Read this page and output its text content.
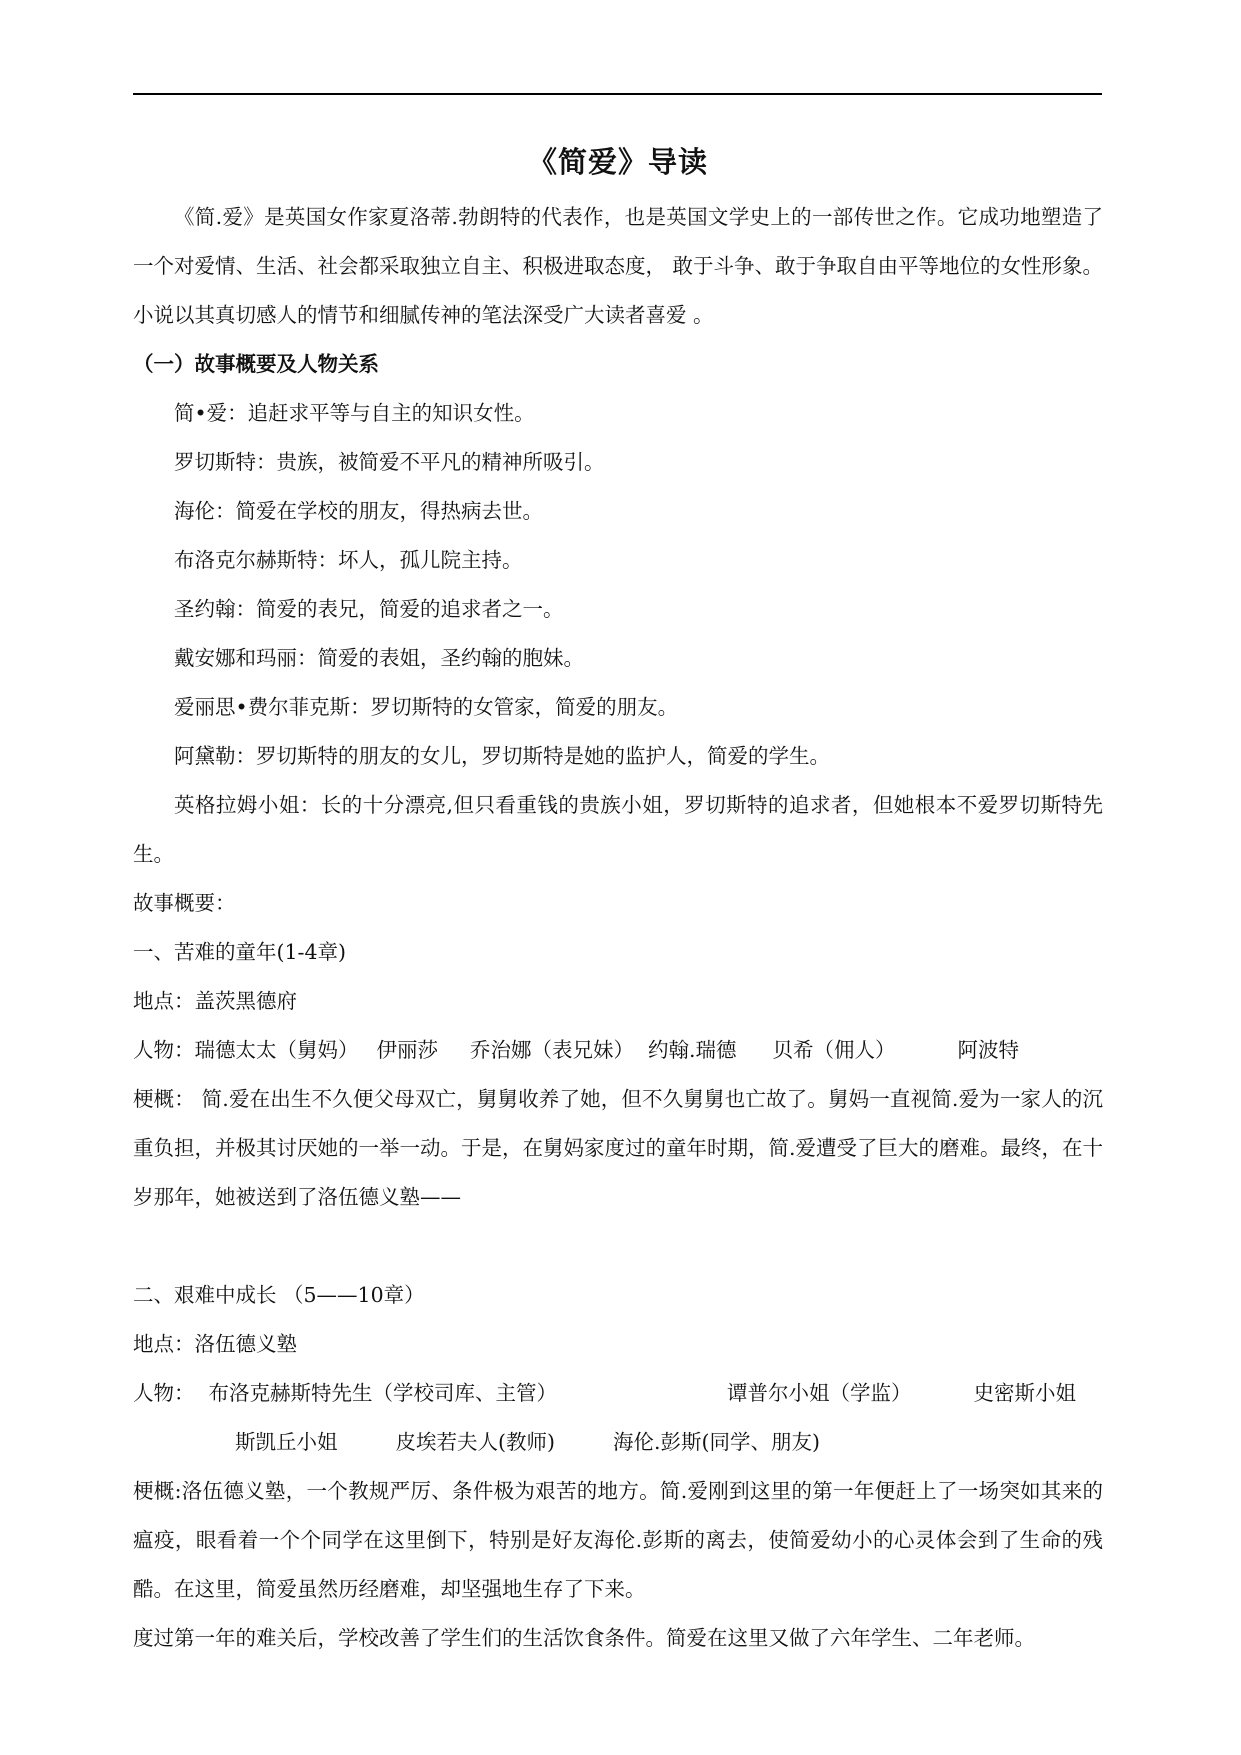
《简爱》导读

《简.爱》是英国女作家夏洛蒂.勃朗特的代表作，也是英国文学史上的一部传世之作。它成功地塑造了一个对爱情、生活、社会都采取独立自主、积极进取态度， 敢于斗争、敢于争取自由平等地位的女性形象。小说以其真切感人的情节和细腻传神的笔法深受广大读者喜爱 。

（一）故事概要及人物关系

简•爱：追赶求平等与自主的知识女性。

罗切斯特：贵族，被简爱不平凡的精神所吸引。

海伦：简爱在学校的朋友，得热病去世。

布洛克尔赫斯特：坏人，孤儿院主持。

圣约翰：简爱的表兄，简爱的追求者之一。

戴安娜和玛丽：简爱的表姐，圣约翰的胞妹。

爱丽思•费尔菲克斯：罗切斯特的女管家，简爱的朋友。

阿黛勒：罗切斯特的朋友的女儿，罗切斯特是她的监护人，简爱的学生。

英格拉姆小姐：长的十分漂亮,但只看重钱的贵族小姐，罗切斯特的追求者，但她根本不爱罗切斯特先生。

故事概要：

一、苦难的童年(1-4章)

地点：盖茨黑德府

人物：瑞德太太（舅妈） 伊丽莎 乔治娜（表兄妹） 约翰.瑞德 贝希（佣人）	阿波特

梗概： 简.爱在出生不久便父母双亡，舅舅收养了她，但不久舅舅也亡故了。舅妈一直视简.爱为一家人的沉重负担，并极其讨厌她的一举一动。于是，在舅妈家度过的童年时期，简.爱遭受了巨大的磨难。最终，在十岁那年，她被送到了洛伍德义塾——

二、艰难中成长 （5——10章）

地点：洛伍德义塾

人物： 布洛克赫斯特先生（学校司库、主管）	谭普尔小姐（学监）	史密斯小姐

斯凯丘小姐	皮埃若夫人(教师)	海伦.彭斯(同学、朋友)

梗概:洛伍德义塾，一个教规严厉、条件极为艰苦的地方。简.爱刚到这里的第一年便赶上了一场突如其来的瘟疫，眼看着一个个同学在这里倒下，特别是好友海伦.彭斯的离去，使简爱幼小的心灵体会到了生命的残酷。在这里，简爱虽然历经磨难，却坚强地生存了下来。

度过第一年的难关后，学校改善了学生们的生活饮食条件。简爱在这里又做了六年学生、二年老师。
